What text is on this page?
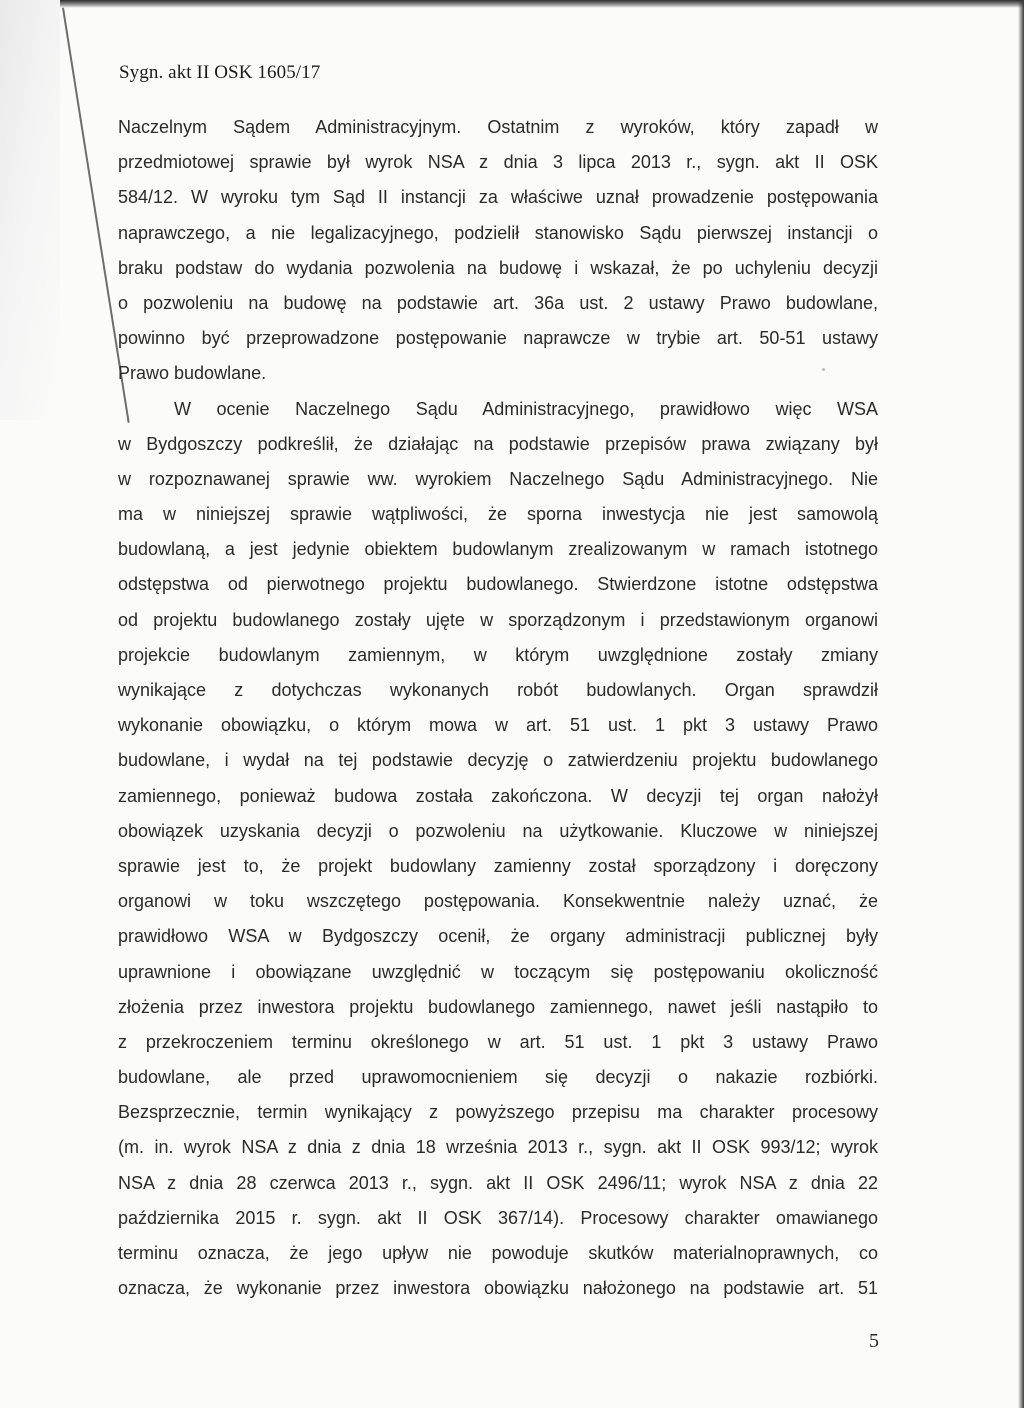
Sygn. akt II OSK 1605/17
Naczelnym Sądem Administracyjnym. Ostatnim z wyroków, który zapadł w
przedmiotowej sprawie był wyrok NSA z dnia 3 lipca 2013 r., sygn. akt II OSK
584/12. W wyroku tym Sąd II instancji za właściwe uznał prowadzenie postępowania
naprawczego, a nie legalizacyjnego, podzielił stanowisko Sądu pierwszej instancji o
braku podstaw do wydania pozwolenia na budowę i wskazał, że po uchyleniu decyzji
o pozwoleniu na budowę na podstawie art. 36a ust. 2 ustawy Prawo budowlane,
powinno być przeprowadzone postępowanie naprawcze w trybie art. 50-51 ustawy
Prawo budowlane.
W ocenie Naczelnego Sądu Administracyjnego, prawidłowo więc WSA
w Bydgoszczy podkreślił, że działając na podstawie przepisów prawa związany był
w rozpoznawanej sprawie ww. wyrokiem Naczelnego Sądu Administracyjnego. Nie
ma w niniejszej sprawie wątpliwości, że sporna inwestycja nie jest samowolą
budowlaną, a jest jedynie obiektem budowlanym zrealizowanym w ramach istotnego
odstępstwa od pierwotnego projektu budowlanego. Stwierdzone istotne odstępstwa
od projektu budowlanego zostały ujęte w sporządzonym i przedstawionym organowi
projekcie budowlanym zamiennym, w którym uwzględnione zostały zmiany
wynikające z dotychczas wykonanych robót budowlanych. Organ sprawdził
wykonanie obowiązku, o którym mowa w art. 51 ust. 1 pkt 3 ustawy Prawo
budowlane, i wydał na tej podstawie decyzję o zatwierdzeniu projektu budowlanego
zamiennego, ponieważ budowa została zakończona. W decyzji tej organ nałożył
obowiązek uzyskania decyzji o pozwoleniu na użytkowanie. Kluczowe w niniejszej
sprawie jest to, że projekt budowlany zamienny został sporządzony i doręczony
organowi w toku wszczętego postępowania. Konsekwentnie należy uznać, że
prawidłowo WSA w Bydgoszczy ocenił, że organy administracji publicznej były
uprawnione i obowiązane uwzględnić w toczącym się postępowaniu okoliczność
złożenia przez inwestora projektu budowlanego zamiennego, nawet jeśli nastąpiło to
z przekroczeniem terminu określonego w art. 51 ust. 1 pkt 3 ustawy Prawo
budowlane, ale przed uprawomocnieniem się decyzji o nakazie rozbiórki.
Bezsprzecznie, termin wynikający z powyższego przepisu ma charakter procesowy
(m. in. wyrok NSA z dnia z dnia 18 września 2013 r., sygn. akt II OSK 993/12; wyrok
NSA z dnia 28 czerwca 2013 r., sygn. akt II OSK 2496/11; wyrok NSA z dnia 22
października 2015 r. sygn. akt II OSK 367/14). Procesowy charakter omawianego
terminu oznacza, że jego upływ nie powoduje skutków materialnoprawnych, co
oznacza, że wykonanie przez inwestora obowiązku nałożonego na podstawie art. 51
5
